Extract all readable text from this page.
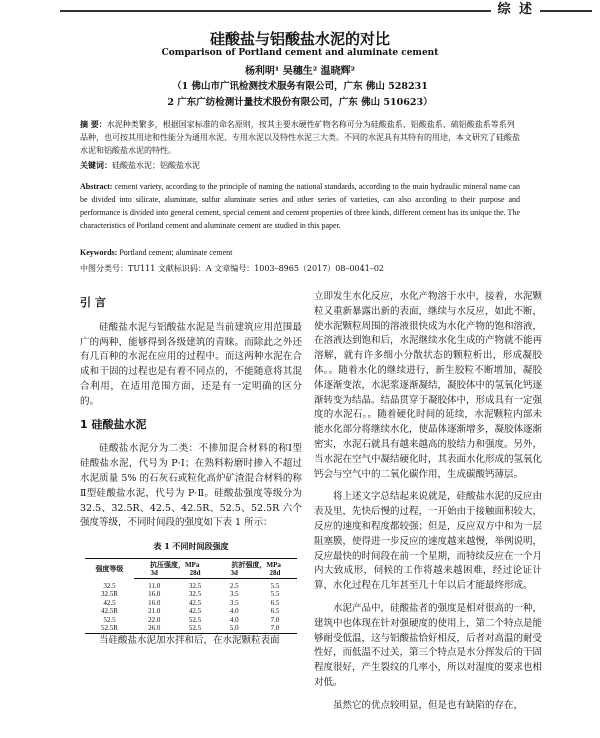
综 述
硅酸盐与铝酸盐水泥的对比
Comparison of Portland cement and aluminate cement
杨利明¹ 吴穗生² 温晓辉²
（1 佛山市广讯检测技术服务有限公司，广东 佛山 528231
2 广东广纺检测计量技术股份有限公司，广东 佛山 510623）
摘 要：水泥种类繁多，根据国家标准的命名原则，按其主要水硬性矿物名称可分为硅酸盐系、铝酸盐系、硫铝酸盐系等系列品种，也可按其用途和性能分为通用水泥、专用水泥以及特性水泥三大类。不同的水泥具有其特有的用途，本文研究了硅酸盐水泥和铝酸盐水泥的特性。
关键词：硅酸盐水泥；铝酸盐水泥
Abstract: cement variety, according to the principle of naming the national standards, according to the main hydraulic mineral name can be divided into silicate, aluminate, sulfur aluminate series and other series of varieties, can also according to their purpose and performance is divided into general cement, special cement and cement properties of three kinds, different cement has its unique the. The characteristics of Portland cement and aluminate cement are studied in this paper.
Keywords: Portland cement; aluminate cement
中图分类号：TU111 文献标识码：A 文章编号：1003–8965（2017）08–0041–02
引 言

硅酸盐水泥与铝酸盐水泥是当前建筑应用范围最广的两种，能够得到各级建筑的青睐。而除此之外还有几百种的水泥在应用的过程中。而这两种水泥在合成和干固的过程也是有着不同点的，不能随意将其混合利用，在适用范围方面，还是有一定明确的区分的。

1 硅酸盐水泥

硅酸盐水泥分为二类：不掺加混合材料的称Ⅰ型硅酸盐水泥，代号为 P·Ⅰ；在熟料粉磨时掺入不超过水泥质量 5% 的石灰石或粒化高炉矿渣混合材料的称Ⅱ型硅酸盐水泥，代号为 P·Ⅱ。硅酸盐强度等级分为 32.5、32.5R、42.5、42.5R、52.5、52.5R 六个强度等级，不同时间段的强度如下表 1 所示：

表 1 不同时间段强度
强度等级	抗压强度，MPa		抗折强度，MPa	
	3d	28d	3d	28d
32.5	11.0	32.5	2.5	5.5
32.5R	16.0	32.5	3.5	5.5
42.5	16.0	42.5	3.5	6.5
42.5R	21.0	42.5	4.0	6.5
52.5	22.0	52.5	4.0	7.0
52.5R	26.0	52.5	5.0	7.0

当硅酸盐水泥加水拌和后，在水泥颗粒表面

立即发生水化反应，水化产物溶于水中，接着，水泥颗粒又重新暴露出新的表面，继续与水反应，如此不断，使水泥颗粒周围的溶液很快成为水化产物的饱和溶液，在溶液达到饱和后，水泥继续水化生成的产物就不能再溶解，就有许多细小分散状态的颗粒析出，形成凝胶体。。随着水化的继续进行，新生胶粒不断增加，凝胶体逐渐变浓，水泥浆逐渐凝结，凝胶体中的氢氧化钙逐渐转变为结晶。结晶贯穿于凝胶体中，形成具有一定强度的水泥石。。随着硬化时间的延续，水泥颗粒内部未能水化部分将继续水化，使晶体逐渐增多，凝胶体逐渐密实，水泥石就具有越来越高的胶结力和强度。另外，当水泥在空气中凝结硬化时，其表面水化形成的氢氧化钙会与空气中的二氧化碳作用，生成碳酸钙薄层。

将上述文字总结起来说就是，硅酸盐水泥的反应由表及里，先快后慢的过程，一开始由于接触面积较大，反应的速度和程度都较强；但是，反应双方中和为一层阻塞膜，使得进一步反应的速度越来越慢，举例说明，反应最快的时间段在前一个星期，而特续反应在一个月内大致成形，伺候的工作将越来越困难，经过论证计算，水化过程在几年甚至几十年以后才能最终形成。

水泥产品中，硅酸盐者的强度是相对很高的一种，建筑中也体现在针对强硬度的使用上，第二个特点是能够耐受低温，这与铝酸盐恰好相反，后者对高温的耐受性好，而低温不过关，第三个特点是水分挥发后的干固程度很好，产生裂纹的几率小，所以对湿度的要求也相对低。

虽然它的优点较明显，但是也有缺陷的存在，
